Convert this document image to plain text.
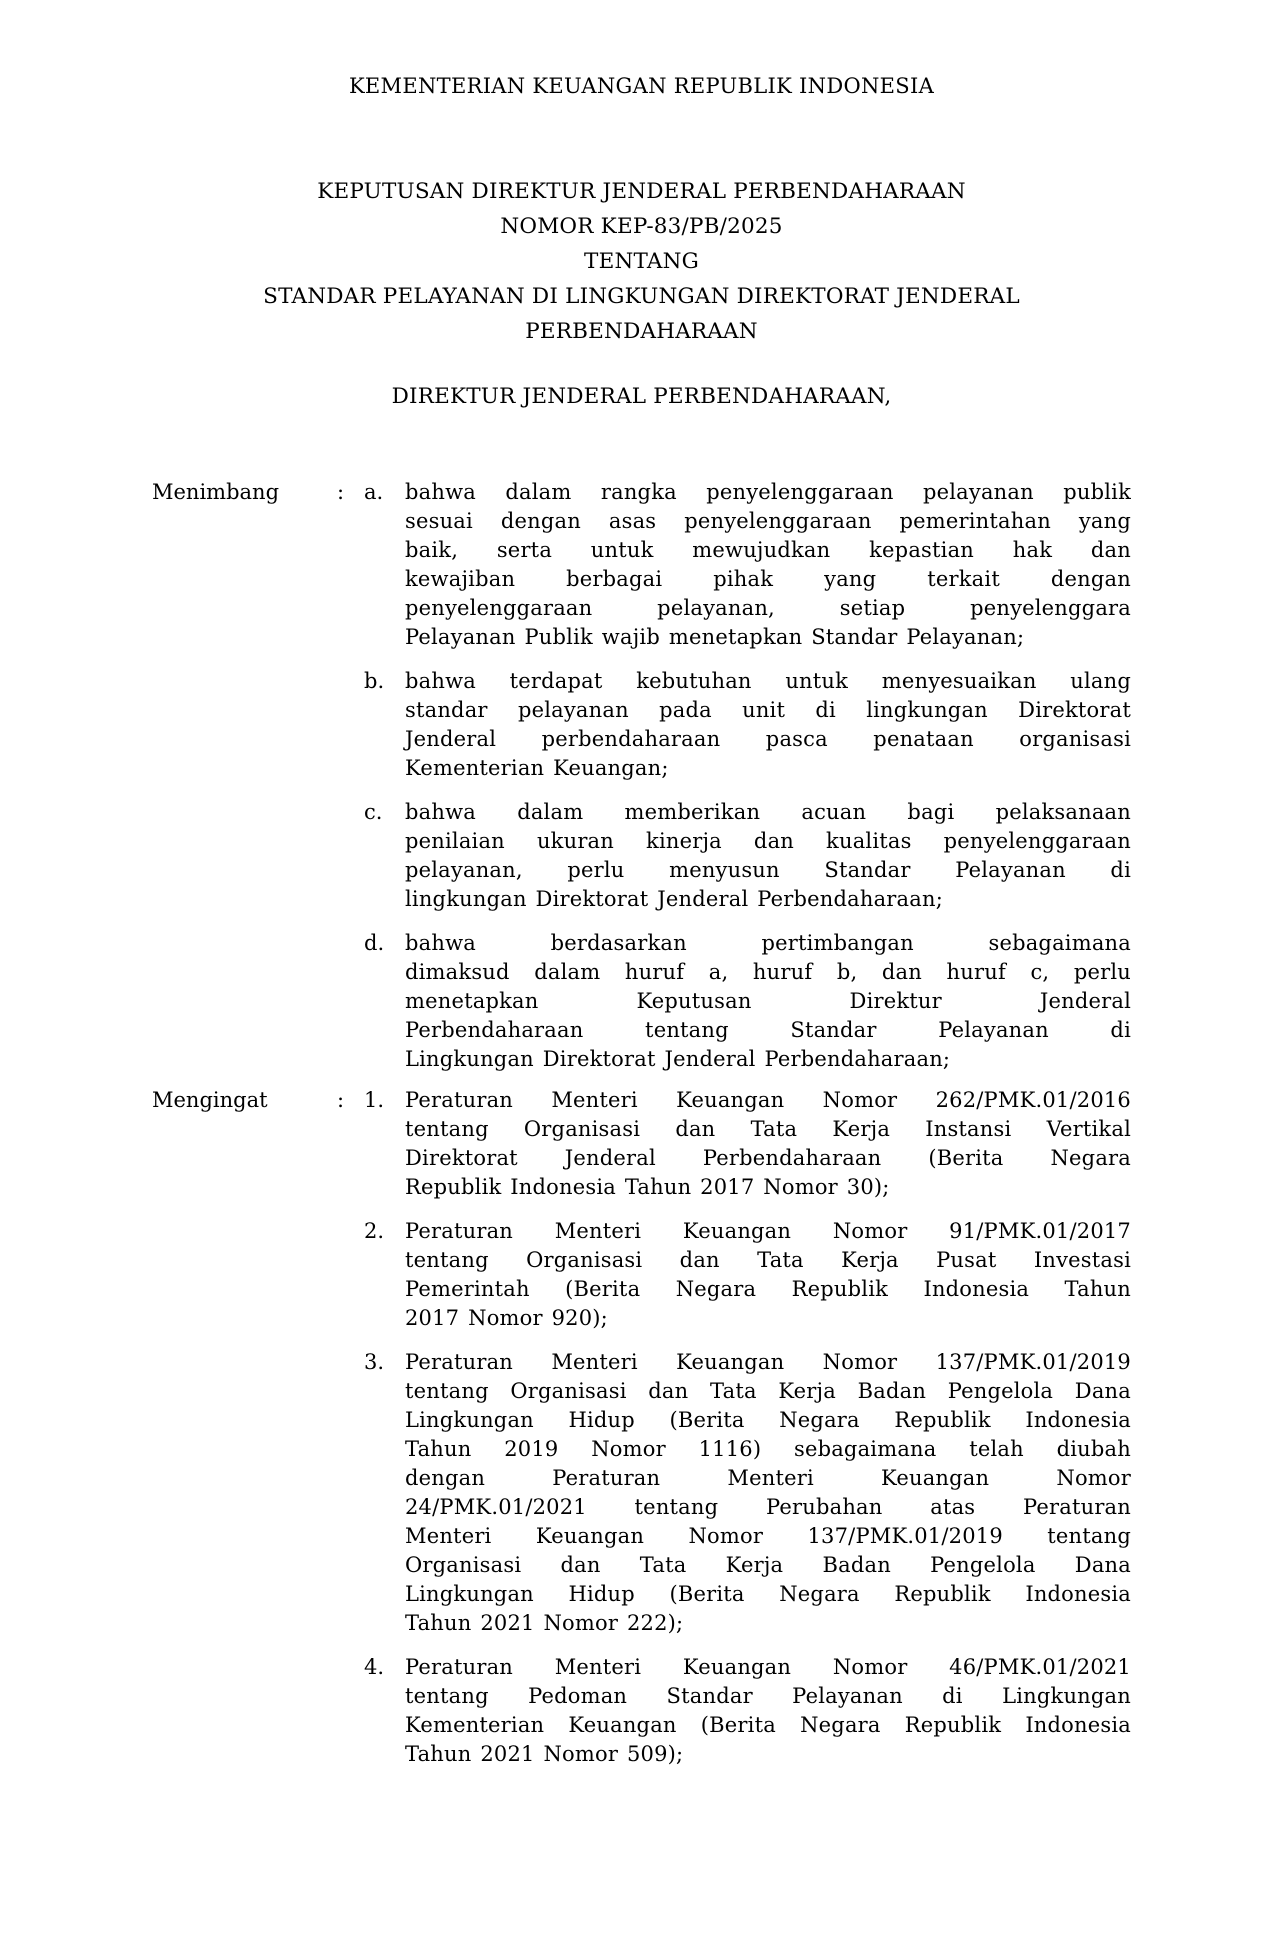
KEMENTERIAN KEUANGAN REPUBLIK INDONESIA
KEPUTUSAN DIREKTUR JENDERAL PERBENDAHARAAN
NOMOR KEP-83/PB/2025
TENTANG
STANDAR PELAYANAN DI LINGKUNGAN DIREKTORAT JENDERAL
PERBENDAHARAAN
DIREKTUR JENDERAL PERBENDAHARAAN,
Menimbang	: a.	bahwa dalam rangka penyelenggaraan pelayanan publik
sesuai dengan asas penyelenggaraan pemerintahan yang
baik, serta untuk mewujudkan kepastian hak dan
kewajiban berbagai pihak yang terkait dengan
penyelenggaraan pelayanan, setiap penyelenggara
Pelayanan Publik wajib menetapkan Standar Pelayanan;
b. bahwa terdapat kebutuhan untuk menyesuaikan ulang
standar pelayanan pada unit di lingkungan Direktorat
Jenderal perbendaharaan pasca penataan organisasi
Kementerian Keuangan;
c.	bahwa dalam memberikan acuan bagi pelaksanaan
penilaian ukuran kinerja dan kualitas penyelenggaraan
pelayanan, perlu menyusun Standar Pelayanan di
lingkungan Direktorat Jenderal Perbendaharaan;
d. bahwa berdasarkan pertimbangan sebagaimana
dimaksud dalam huruf a, huruf b, dan huruf c, perlu
menetapkan Keputusan Direktur Jenderal
Perbendaharaan tentang Standar Pelayanan di
Lingkungan Direktorat Jenderal Perbendaharaan;
Mengingat	: 1. Peraturan Menteri Keuangan Nomor 262/PMK.01/2016
tentang Organisasi dan Tata Kerja Instansi Vertikal
Direktorat Jenderal Perbendaharaan (Berita Negara
Republik Indonesia Tahun 2017 Nomor 30);
2. Peraturan Menteri Keuangan Nomor 91/PMK.01/2017
tentang Organisasi dan Tata Kerja Pusat Investasi
Pemerintah (Berita Negara Republik Indonesia Tahun
2017 Nomor 920);
3. Peraturan Menteri Keuangan Nomor 137/PMK.01/2019
tentang Organisasi dan Tata Kerja Badan Pengelola Dana
Lingkungan Hidup (Berita Negara Republik Indonesia
Tahun 2019 Nomor 1116) sebagaimana telah diubah
dengan Peraturan Menteri Keuangan Nomor
24/PMK.01/2021 tentang Perubahan atas Peraturan
Menteri Keuangan Nomor 137/PMK.01/2019 tentang
Organisasi dan Tata Kerja Badan Pengelola Dana
Lingkungan Hidup (Berita Negara Republik Indonesia
Tahun 2021 Nomor 222);
4. Peraturan Menteri Keuangan Nomor 46/PMK.01/2021
tentang Pedoman Standar Pelayanan di Lingkungan
Kementerian Keuangan (Berita Negara Republik Indonesia
Tahun 2021 Nomor 509);
